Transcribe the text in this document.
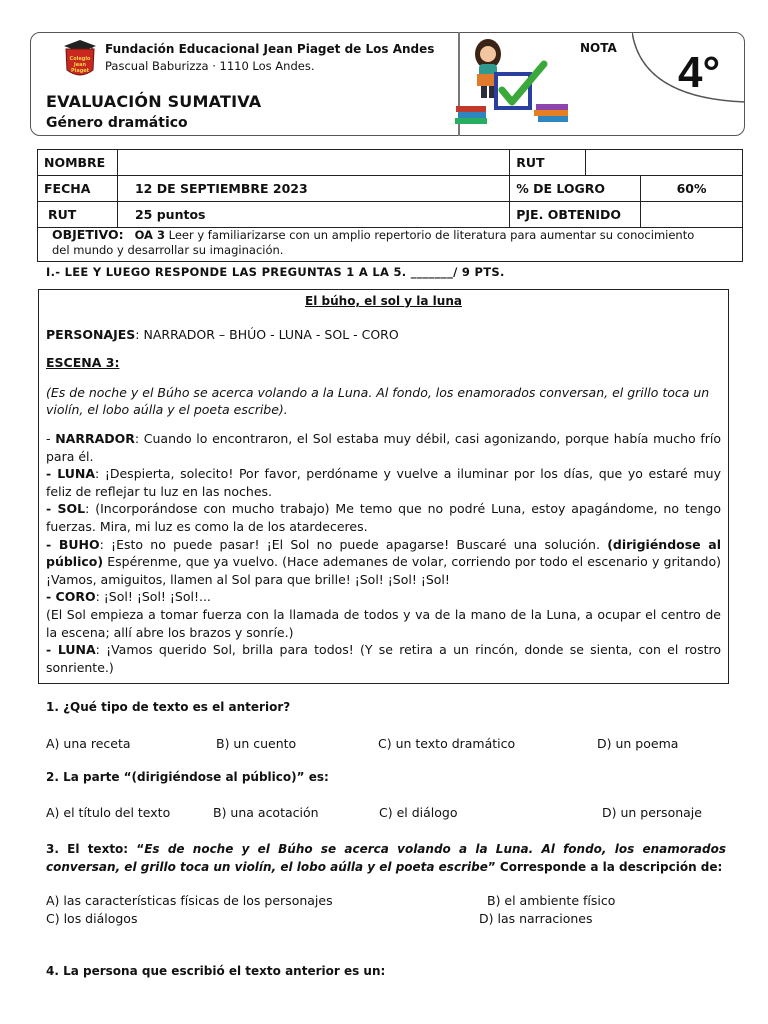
Colegio
Jean
Piaget
Fundación Educacional Jean Piaget de Los Andes
Pascual Baburizza · 1110 Los Andes.
EVALUACIÓN SUMATIVA
Género dramático
NOTA 4°
NOMBRE		RUT		
FECHA	12 DE SEPTIEMBRE 2023	% DE LOGRO		60%
RUT	25 puntos	PJE. OBTENIDO		
OBJETIVO: OA 3 Leer y familiarizarse con un amplio repertorio de literatura para aumentar su conocimiento
del mundo y desarrollar su imaginación.
I.- LEE Y LUEGO RESPONDE LAS PREGUNTAS 1 A LA 5. _______/ 9 PTS.
El búho, el sol y la luna
PERSONAJES: NARRADOR – BHÚO - LUNA - SOL - CORO
ESCENA 3:
(Es de noche y el Búho se acerca volando a la Luna. Al fondo, los enamorados conversan, el grillo toca un violín, el lobo aúlla y el poeta escribe).

- NARRADOR: Cuando lo encontraron, el Sol estaba muy débil, casi agonizando, porque había mucho frío para él.

- LUNA: ¡Despierta, solecito! Por favor, perdóname y vuelve a iluminar por los días, que yo estaré muy feliz de reflejar tu luz en las noches.

- SOL: (Incorporándose con mucho trabajo) Me temo que no podré Luna, estoy apagándome, no tengo fuerzas. Mira, mi luz es como la de los atardeceres.

- BUHO: ¡Esto no puede pasar! ¡El Sol no puede apagarse! Buscaré una solución. (dirigiéndose al público) Espérenme, que ya vuelvo. (Hace ademanes de volar, corriendo por todo el escenario y gritando) ¡Vamos, amiguitos, llamen al Sol para que brille! ¡Sol! ¡Sol! ¡Sol!

- CORO: ¡Sol! ¡Sol! ¡Sol!...

(El Sol empieza a tomar fuerza con la llamada de todos y va de la mano de la Luna, a ocupar el centro de la escena; allí abre los brazos y sonríe.)

- LUNA: ¡Vamos querido Sol, brilla para todos! (Y se retira a un rincón, donde se sienta, con el rostro sonriente.)

1. ¿Qué tipo de texto es el anterior?
A) una receta	B) un cuento	C) un texto dramático	D) un poema
2. La parte “(dirigiéndose al público)” es:
A) el título del texto	B) una acotación	C) el diálogo	D) un personaje
3. El texto: “Es de noche y el Búho se acerca volando a la Luna. Al fondo, los enamorados conversan, el grillo toca un violín, el lobo aúlla y el poeta escribe” Corresponde a la descripción de:
A) las características físicas de los personajes	B) el ambiente físico
C) los diálogos	D) las narraciones
4. La persona que escribió el texto anterior es un:
